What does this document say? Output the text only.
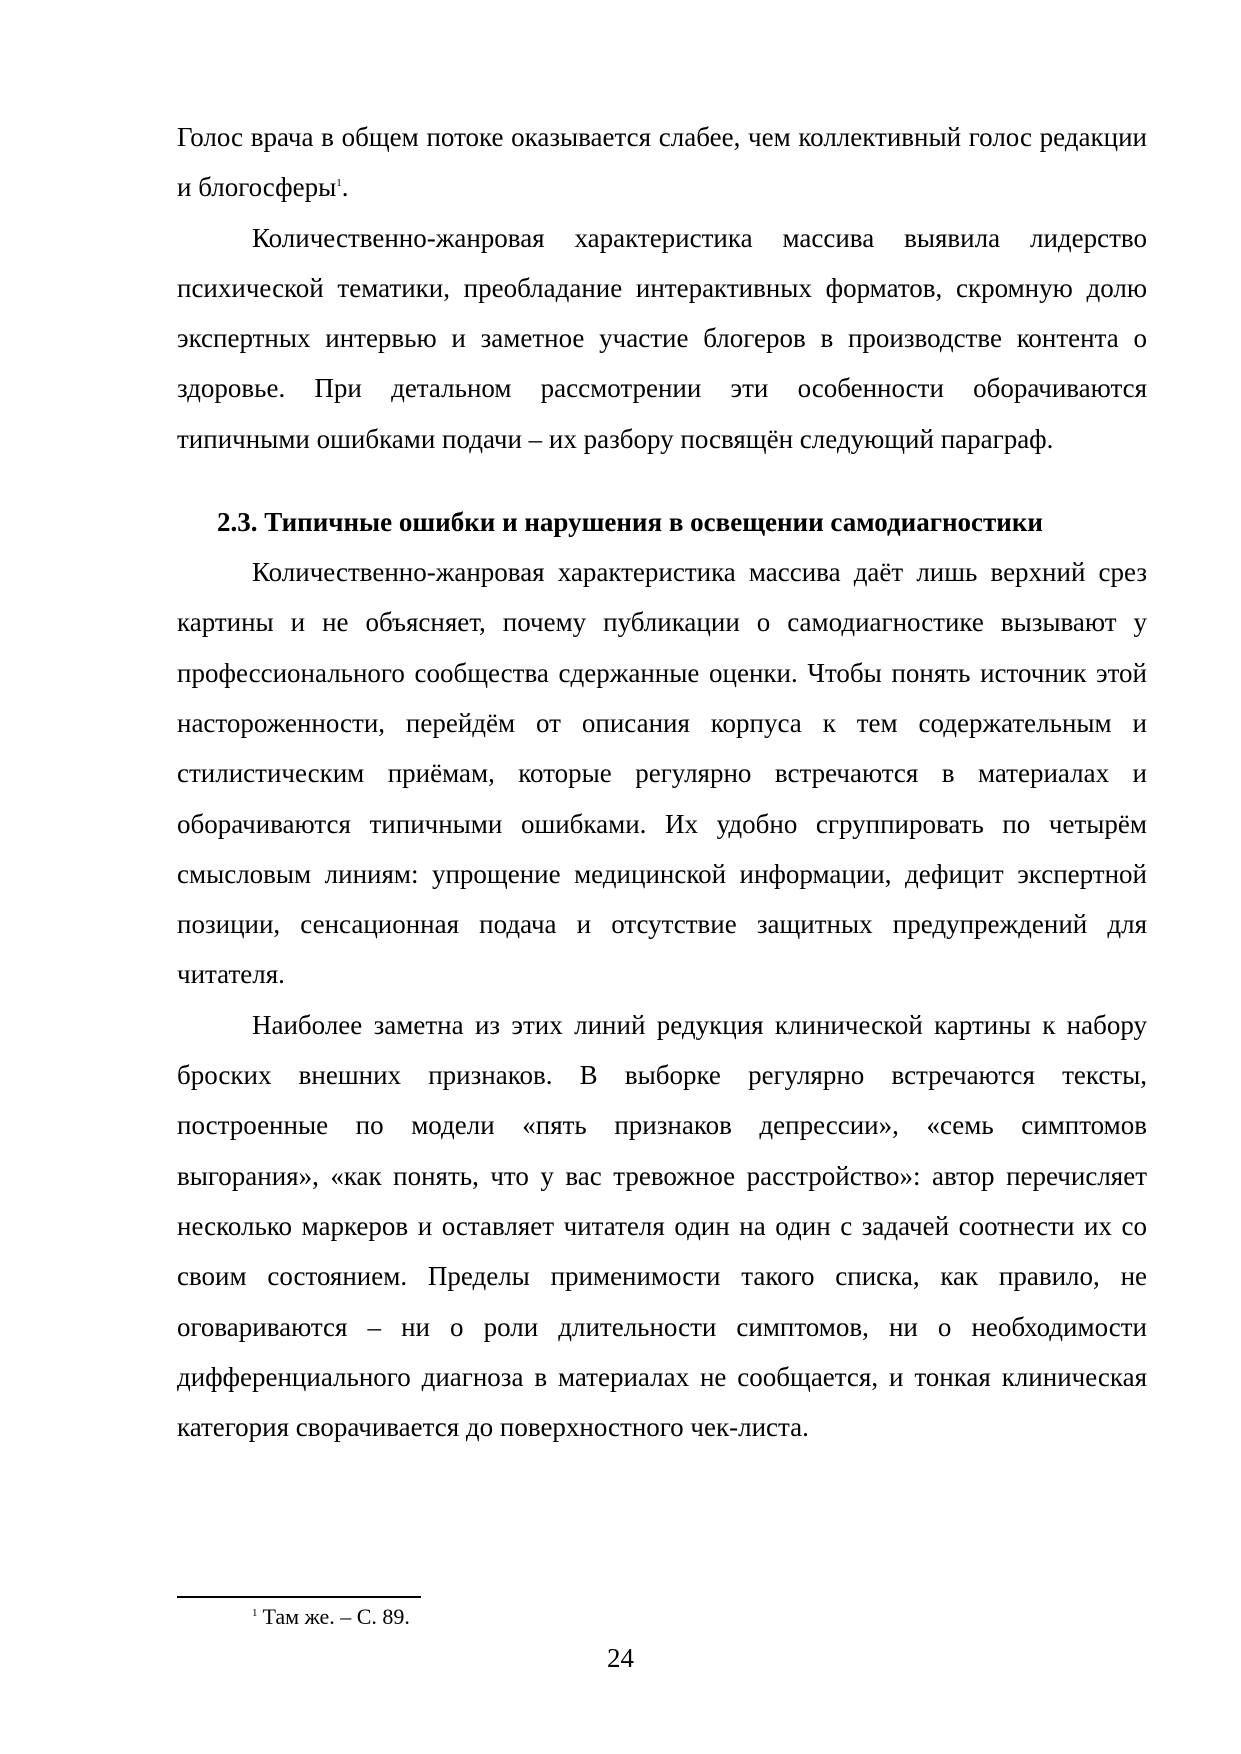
Голос врача в общем потоке оказывается слабее, чем коллективный голос редакции и блогосферы$^1$.

Количественно-жанровая характеристика массива выявила лидерство психической тематики, преобладание интерактивных форматов, скромную долю экспертных интервью и заметное участие блогеров в производстве контента о здоровье. При детальном рассмотрении эти особенности оборачиваются типичными ошибками подачи – их разбору посвящён следующий параграф.

2.3. Типичные ошибки и нарушения в освещении самодиагностики

Количественно-жанровая характеристика массива даёт лишь верхний срез картины и не объясняет, почему публикации о самодиагностике вызывают у профессионального сообщества сдержанные оценки. Чтобы понять источник этой настороженности, перейдём от описания корпуса к тем содержательным и стилистическим приёмам, которые регулярно встречаются в материалах и оборачиваются типичными ошибками. Их удобно сгруппировать по четырём смысловым линиям: упрощение медицинской информации, дефицит экспертной позиции, сенсационная подача и отсутствие защитных предупреждений для читателя.

Наиболее заметна из этих линий редукция клинической картины к набору броских внешних признаков. В выборке регулярно встречаются тексты, построенные по модели «пять признаков депрессии», «семь симптомов выгорания», «как понять, что у вас тревожное расстройство»: автор перечисляет несколько маркеров и оставляет читателя один на один с задачей соотнести их со своим состоянием. Пределы применимости такого списка, как правило, не оговариваются – ни о роли длительности симптомов, ни о необходимости дифференциального диагноза в материалах не сообщается, и тонкая клиническая категория сворачивается до поверхностного чек-листа.

$^1$ Там же. – С. 89.
24
